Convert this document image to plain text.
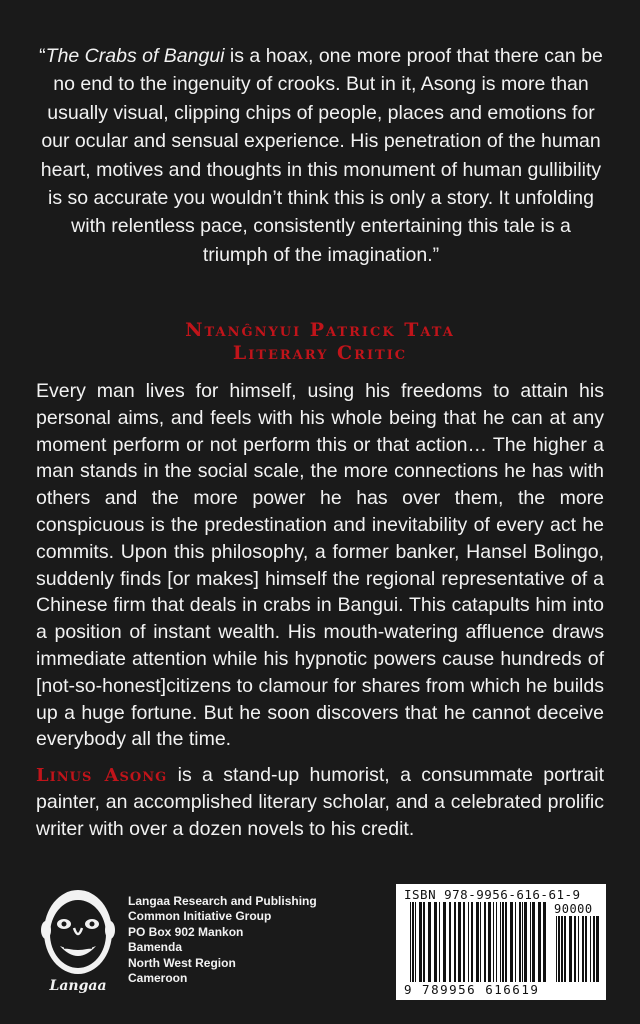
“The Crabs of Bangui is a hoax, one more proof that there can be no end to the ingenuity of crooks. But in it, Asong is more than usually visual, clipping chips of people, places and emotions for our ocular and sensual experience. His penetration of the human heart, motives and thoughts in this monument of human gullibility is so accurate you wouldn’t think this is only a story. It unfolding with relentless pace, consistently entertaining this tale is a triumph of the imagination.”

Ntanĝnyui Patrick Tata

Literary Critic

Every man lives for himself, using his freedoms to attain his personal aims, and feels with his whole being that he can at any moment perform or not perform this or that action… The higher a man stands in the social scale, the more connections he has with others and the more power he has over them, the more conspicuous is the predestination and inevitability of every act he commits. Upon this philosophy, a former banker, Hansel Bolingo, suddenly finds [or makes] himself the regional representative of a Chinese firm that deals in crabs in Bangui. This catapults him into a position of instant wealth. His mouth-watering affluence draws immediate attention while his hypnotic powers cause hundreds of [not-so-honest]citizens to clamour for shares from which he builds up a huge fortune. But he soon discovers that he cannot deceive everybody all the time.

Linus Asong is a stand-up humorist, a consummate portrait painter, an accomplished literary scholar, and a celebrated prolific writer with over a dozen novels to his credit.

Langaa
Langaa Research and Publishing
Common Initiative Group
PO Box 902 Mankon
Bamenda
North West Region
Cameroon
ISBN 978-9956-616-61-9
90000
9 789956 616619
